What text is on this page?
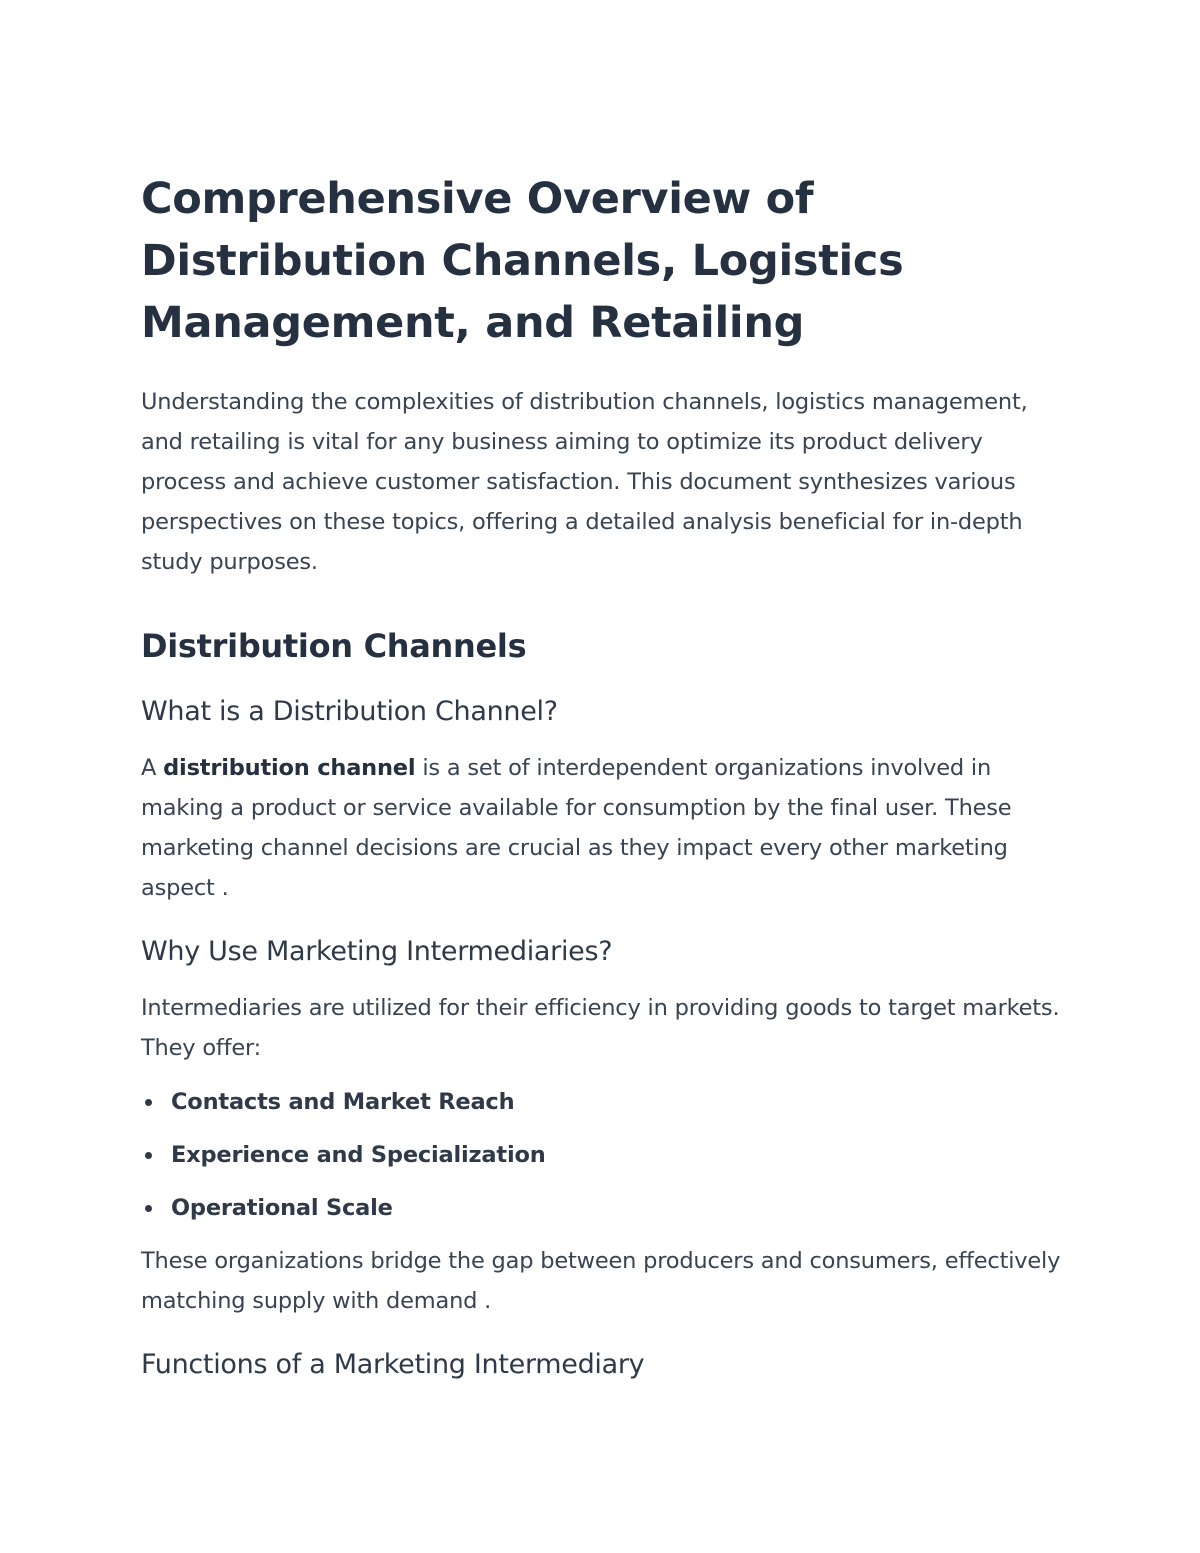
Comprehensive Overview of Distribution Channels, Logistics Management, and Retailing

Understanding the complexities of distribution channels, logistics management, and retailing is vital for any business aiming to optimize its product delivery process and achieve customer satisfaction. This document synthesizes various perspectives on these topics, offering a detailed analysis beneficial for in-depth study purposes.

Distribution Channels
What is a Distribution Channel?

A distribution channel is a set of interdependent organizations involved in making a product or service available for consumption by the final user. These marketing channel decisions are crucial as they impact every other marketing aspect .

Why Use Marketing Intermediaries?

Intermediaries are utilized for their efficiency in providing goods to target markets. They offer:

Contacts and Market Reach
Experience and Specialization
Operational Scale

These organizations bridge the gap between producers and consumers, effectively matching supply with demand .

Functions of a Marketing Intermediary
